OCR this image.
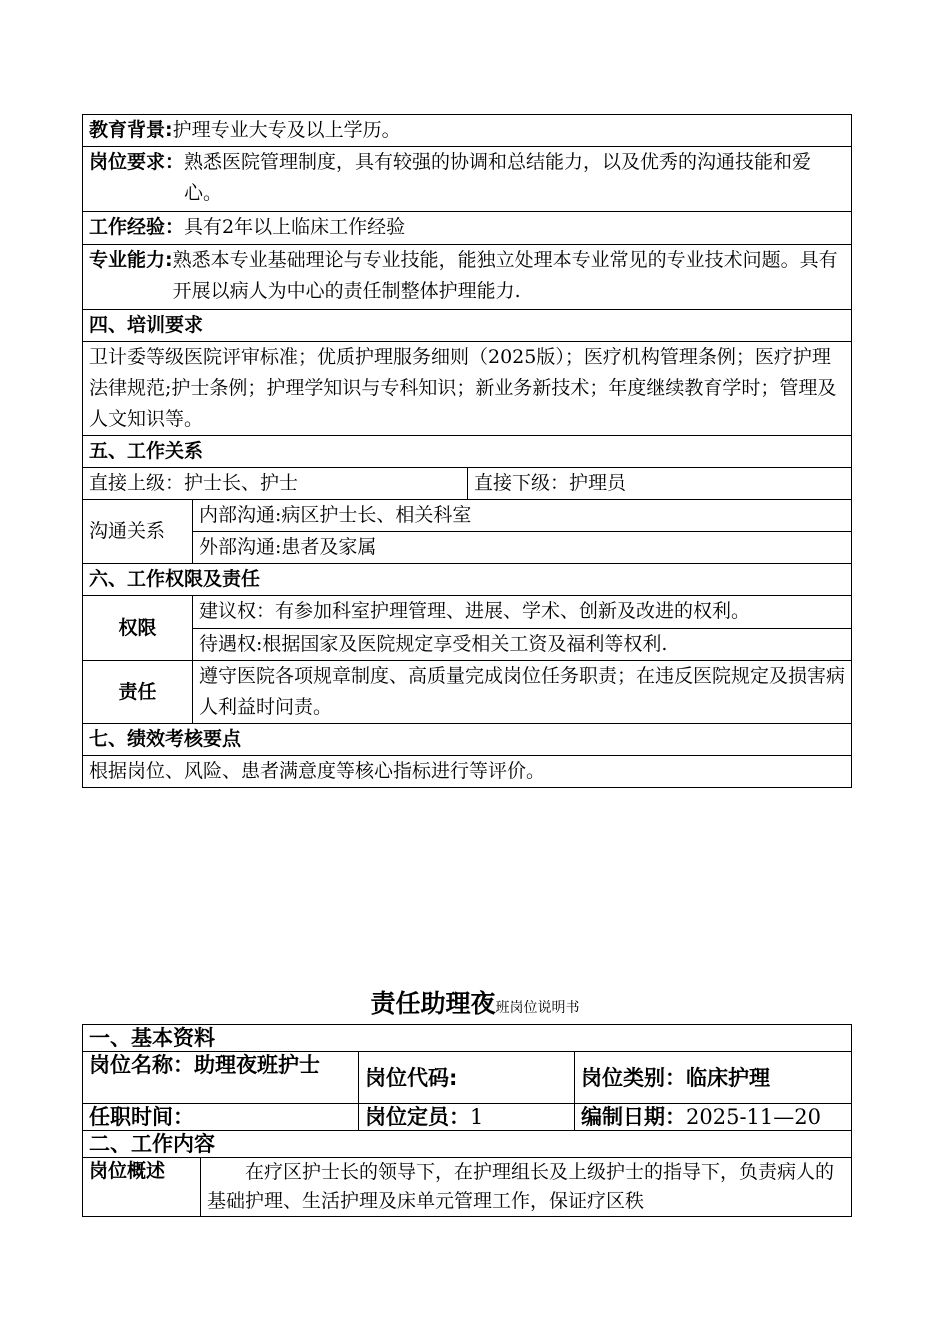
教育背景: 护理专业大专及以上学历。		

岗位要求： 熟悉医院管理制度，具有较强的协调和总结能力，以及优秀的沟通技能和爱心。		

工作经验： 具有2年以上临床工作经验		

专业能力: 熟悉本专业基础理论与专业技能，能独立处理本专业常见的专业技术问题。具有开展以病人为中心的责任制整体护理能力.		

四、培训要求		
卫计委等级医院评审标准；优质护理服务细则（2025版）；医疗机构管理条例；医疗护理法律规范;护士条例；护理学知识与专科知识；新业务新技术；年度继续教育学时；管理及人文知识等。		
五、工作关系		
直接上级：护士长、护士		直接下级：护理员
沟通关系	内部沟通:病区护士长、相关科室	
	外部沟通:患者及家属	
六、工作权限及责任		
权限	建议权：有参加科室护理管理、进展、学术、创新及改进的权利。	
	待遇权:根据国家及医院规定享受相关工资及福利等权利.	
责任	遵守医院各项规章制度、高质量完成岗位任务职责；在违反医院规定及损害病人利益时问责。	
七、绩效考核要点		
根据岗位、风险、患者满意度等核心指标进行等评价。		
责任助理夜班岗位说明书
一、基本资料			
岗位名称：助理夜班护士		岗位代码:	岗位类别：临床护理
任职时间：		岗位定员：1	编制日期：2025-11—20
二、工作内容			
岗位概述	在疗区护士长的领导下，在护理组长及上级护士的指导下，负责病人的基础护理、生活护理及床单元管理工作，保证疗区秩		
